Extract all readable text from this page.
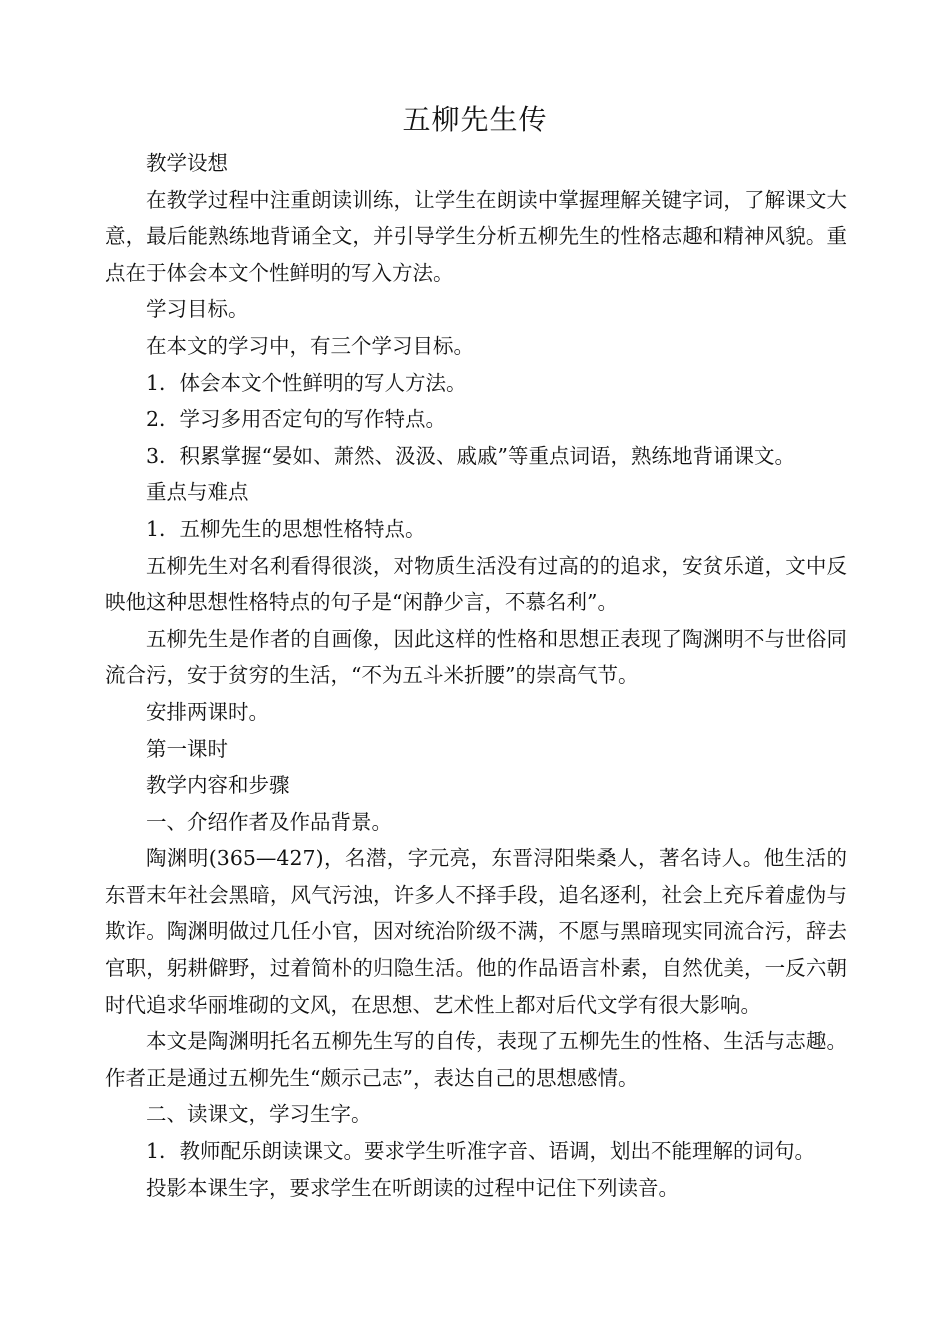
五柳先生传

教学设想

在教学过程中注重朗读训练，让学生在朗读中掌握理解关键字词，了解课文大意，最后能熟练地背诵全文，并引导学生分析五柳先生的性格志趣和精神风貌。重点在于体会本文个性鲜明的写入方法。

学习目标。

在本文的学习中，有三个学习目标。

1．体会本文个性鲜明的写人方法。

2．学习多用否定句的写作特点。

3．积累掌握“晏如、萧然、汲汲、戚戚”等重点词语，熟练地背诵课文。

重点与难点

1．五柳先生的思想性格特点。

五柳先生对名利看得很淡，对物质生活没有过高的的追求，安贫乐道，文中反映他这种思想性格特点的句子是“闲静少言，不慕名利”。

五柳先生是作者的自画像，因此这样的性格和思想正表现了陶渊明不与世俗同流合污，安于贫穷的生活，“不为五斗米折腰”的崇高气节。

安排两课时。

第一课时

教学内容和步骤

一、介绍作者及作品背景。

陶渊明(365—427)，名潜，字元亮，东晋浔阳柴桑人，著名诗人。他生活的东晋末年社会黑暗，风气污浊，许多人不择手段，追名逐利，社会上充斥着虚伪与欺诈。陶渊明做过几任小官，因对统治阶级不满，不愿与黑暗现实同流合污，辞去官职，躬耕僻野，过着简朴的归隐生活。他的作品语言朴素，自然优美，一反六朝时代追求华丽堆砌的文风，在思想、艺术性上都对后代文学有很大影响。

本文是陶渊明托名五柳先生写的自传，表现了五柳先生的性格、生活与志趣。作者正是通过五柳先生“颇示己志”，表达自己的思想感情。

二、读课文，学习生字。

1．教师配乐朗读课文。要求学生听准字音、语调，划出不能理解的词句。

投影本课生字，要求学生在听朗读的过程中记住下列读音。
